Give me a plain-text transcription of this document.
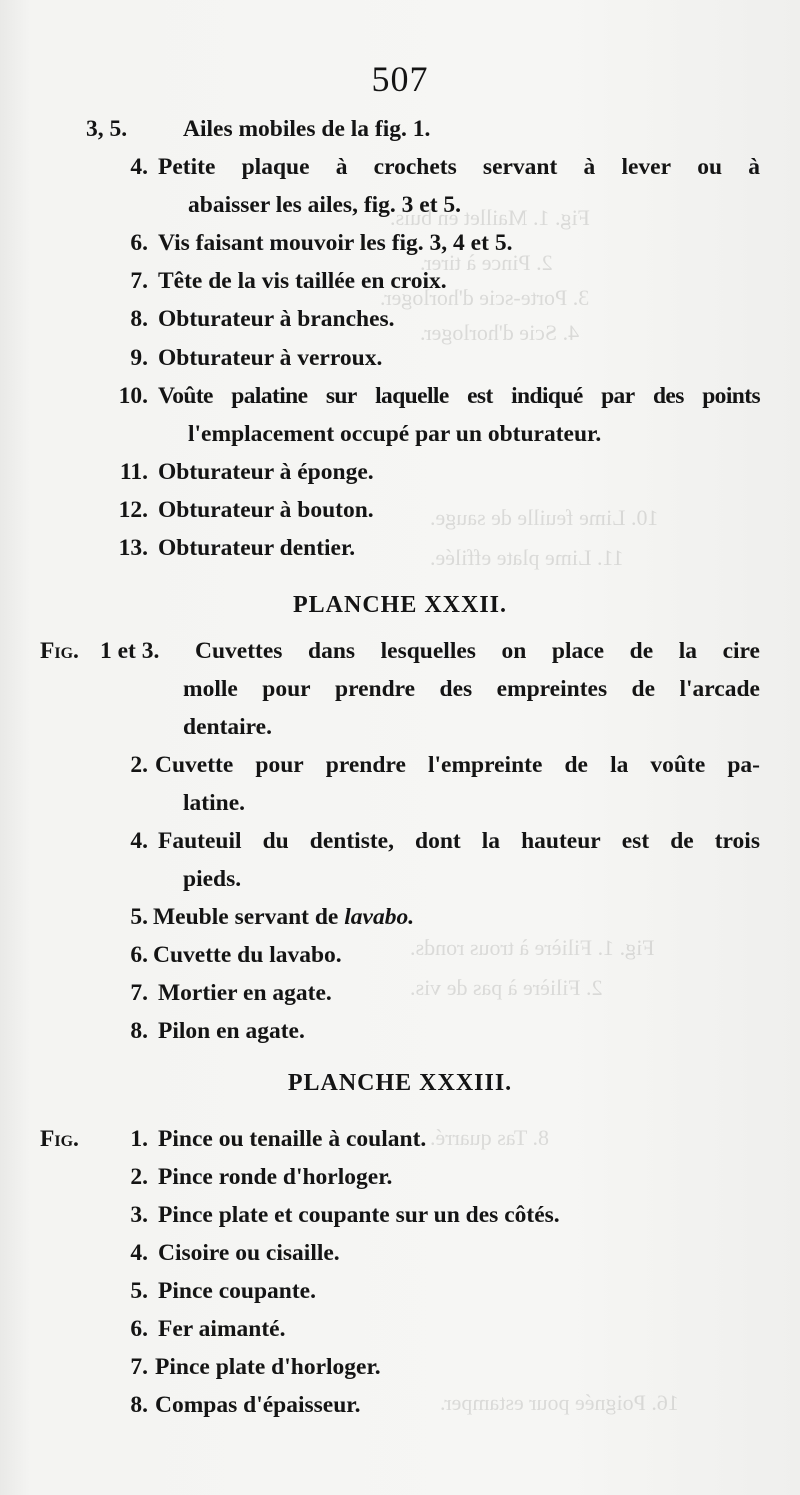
Fig. 1. Maillet en buis.
2. Pince à tirer.
3. Porte-scie d'horloger.
4. Scie d'horloger.
10. Lime feuille de sauge.
11. Lime plate effilée.
Fig. 1. Filière à trous ronds.
2. Filière à pas de vis.
8. Tas quarré.
16. Poignée pour estamper.
507
3, 5.	Ailes mobiles de la fig. 1.
4. Petite plaque à crochets servant à lever ou à
abaisser les ailes, fig. 3 et 5.
6. Vis faisant mouvoir les fig. 3, 4 et 5.
7. Tête de la vis taillée en croix.
8. Obturateur à branches.
9. Obturateur à verroux.
10. Voûte palatine sur laquelle est indiqué par des points
l'emplacement occupé par un obturateur.
11. Obturateur à éponge.
12. Obturateur à bouton.
13. Obturateur dentier.
PLANCHE XXXII.
Fig. 1 et 3.	Cuvettes dans lesquelles on place de la cire
molle pour prendre des empreintes de l'arcade
dentaire.
2. Cuvette pour prendre l'empreinte de la voûte pa-
latine.
4. Fauteuil du dentiste, dont la hauteur est de trois
pieds.
5. Meuble servant de lavabo.
6. Cuvette du lavabo.
7. Mortier en agate.
8. Pilon en agate.
PLANCHE XXXIII.
Fig.	1. Pince ou tenaille à coulant.
2. Pince ronde d'horloger.
3. Pince plate et coupante sur un des côtés.
4. Cisoire ou cisaille.
5. Pince coupante.
6. Fer aimanté.
7. Pince plate d'horloger.
8. Compas d'épaisseur.
